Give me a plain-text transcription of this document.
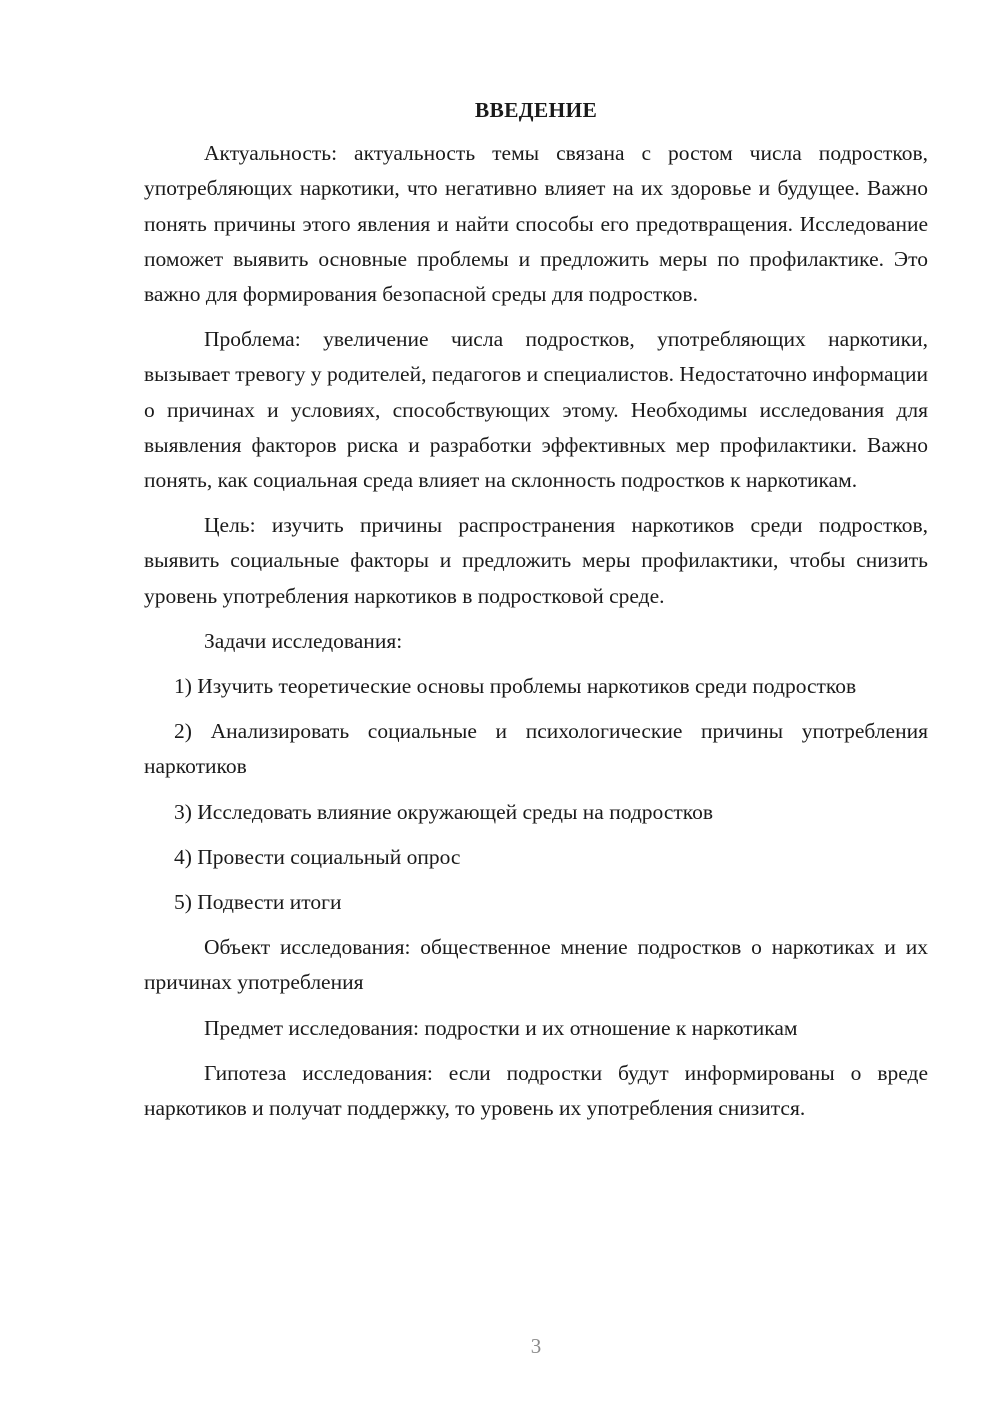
ВВЕДЕНИЕ

Актуальность: актуальность темы связана с ростом числа подростков, употребляющих наркотики, что негативно влияет на их здоровье и будущее. Важно понять причины этого явления и найти способы его предотвращения. Исследование поможет выявить основные проблемы и предложить меры по профилактике. Это важно для формирования безопасной среды для подростков.

Проблема: увеличение числа подростков, употребляющих наркотики, вызывает тревогу у родителей, педагогов и специалистов. Недостаточно информации о причинах и условиях, способствующих этому. Необходимы исследования для выявления факторов риска и разработки эффективных мер профилактики. Важно понять, как социальная среда влияет на склонность подростков к наркотикам.

Цель: изучить причины распространения наркотиков среди подростков, выявить социальные факторы и предложить меры профилактики, чтобы снизить уровень употребления наркотиков в подростковой среде.

Задачи исследования:

1) Изучить теоретические основы проблемы наркотиков среди подростков

2) Анализировать социальные и психологические причины употребления наркотиков

3) Исследовать влияние окружающей среды на подростков

4) Провести социальный опрос

5) Подвести итоги

Объект исследования: общественное мнение подростков о наркотиках и их причинах употребления

Предмет исследования: подростки и их отношение к наркотикам

Гипотеза исследования: если подростки будут информированы о вреде наркотиков и получат поддержку, то уровень их употребления снизится.

3
